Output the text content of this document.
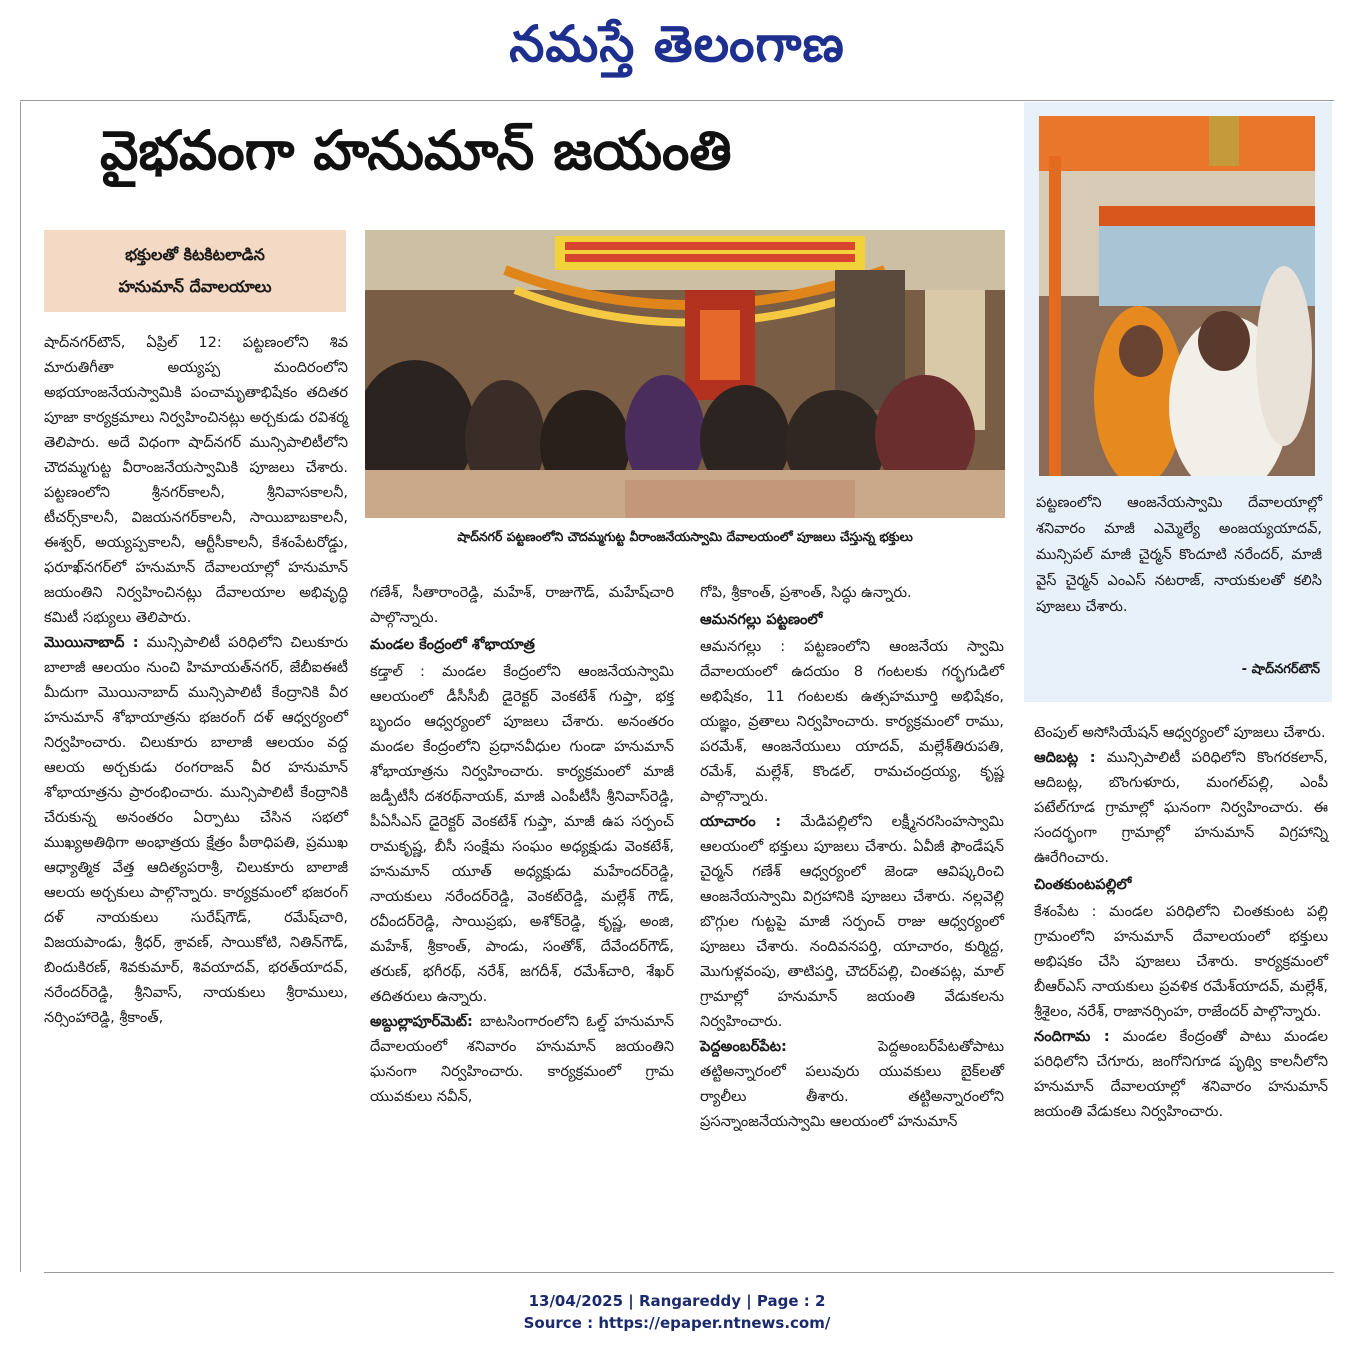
నమస్తే తెలంగాణ
వైభవంగా హనుమాన్ జయంతి
భక్తులతో కిటకిటలాడిన
హనుమాన్ దేవాలయాలు
షాద్‌నగర్ పట్టణంలోని చౌదమ్మగుట్ట వీరాంజనేయస్వామి దేవాలయంలో పూజలు చేస్తున్న భక్తులు
పట్టణంలోని ఆంజనేయస్వామి దేవాలయాల్లో శనివారం మాజీ ఎమ్మెల్యే అంజయ్యయాదవ్, మున్సిపల్ మాజీ చైర్మన్ కొందూటి నరేందర్, మాజీ వైస్ చైర్మన్ ఎంఎస్ నటరాజ్, నాయకులతో కలిసి పూజలు చేశారు.
- షాద్‌నగర్‌టౌన్

షాద్‌నగర్‌టౌన్, ఏప్రిల్ 12: పట్టణంలోని శివ మారుతిగీతా అయ్యప్ప మందిరంలోని అభయాంజనేయస్వామికి పంచామృతాభిషేకం తదితర పూజా కార్యక్రమాలు నిర్వహించినట్లు అర్చకుడు రవిశర్మ తెలిపారు. అదే విధంగా షాద్‌నగర్ మున్సిపాలిటీలోని చౌదమ్మగుట్ట వీరాంజనేయస్వామికి పూజలు చేశారు. పట్టణంలోని శ్రీనగర్‌కాలనీ, శ్రీనివాసకాలనీ, టీచర్స్‌కాలనీ, విజయనగర్‌కాలనీ, సాయిబాబకాలనీ, ఈశ్వర్, అయ్యప్పకాలనీ, ఆర్టీసీకాలనీ, కేశంపేటరోడ్డు, ఫరూఖ్‌నగర్‌లో హనుమాన్ దేవాలయాల్లో హనుమాన్ జయంతిని నిర్వహించినట్లు దేవాలయాల అభివృద్ధి కమిటీ సభ్యులు తెలిపారు.

మొయినాబాద్ : మున్సిపాలిటీ పరిధిలోని చిలుకూరు బాలాజీ ఆలయం నుంచి హిమాయత్‌నగర్, జేబీఐఈటీ మీదుగా మొయినాబాద్ మున్సిపాలిటీ కేంద్రానికి వీర హనుమాన్ శోభాయాత్రను భజరంగ్ దళ్ ఆధ్వర్యంలో నిర్వహించారు. చిలుకూరు బాలాజీ ఆలయం వద్ద ఆలయ అర్చకుడు రంగరాజన్ వీర హనుమాన్ శోభాయాత్రను ప్రారంభించారు. మున్సిపాలిటీ కేంద్రానికి చేరుకున్న అనంతరం ఏర్పాటు చేసిన సభలో ముఖ్యఅతిథిగా అంభాత్రయ క్షేత్రం పీఠాధిపతి, ప్రముఖ ఆధ్యాత్మిక వేత్త ఆదిత్యపరాశ్రీ, చిలుకూరు బాలాజీ ఆలయ అర్చకులు పాల్గొన్నారు. కార్యక్రమంలో భజరంగ్ దళ్ నాయకులు సురేష్‌గౌడ్, రమేష్‌చారి, విజయపాండు, శ్రీధర్, శ్రావణ్, సాయికోటి, నితిన్‌గౌడ్, బిందుకిరణ్, శివకుమార్, శివయాదవ్, భరత్‌యాదవ్, నరేందర్‌రెడ్డి, శ్రీనివాస్, నాయకులు శ్రీరాములు, నర్సింహారెడ్డి, శ్రీకాంత్,

గణేశ్, సీతారాంరెడ్డి, మహేశ్, రాజుగౌడ్, మహేష్‌చారి పాల్గొన్నారు.

మండల కేంద్రంలో శోభాయాత్ర

కడ్తాల్ : మండల కేంద్రంలోని ఆంజనేయస్వామి ఆలయంలో డీసీసీబీ డైరెక్టర్ వెంకటేశ్ గుప్తా, భక్త బృందం ఆధ్వర్యంలో పూజలు చేశారు. అనంతరం మండల కేంద్రంలోని ప్రధానవీధుల గుండా హనుమాన్ శోభాయాత్రను నిర్వహించారు. కార్యక్రమంలో మాజీ జడ్పీటీసీ దశరథ్‌నాయక్, మాజీ ఎంపీటీసీ శ్రీనివాస్‌రెడ్డి, పీఏసీఎస్ డైరెక్టర్ వెంకటేశ్ గుప్తా, మాజీ ఉప సర్పంచ్ రామకృష్ణ, బీసీ సంక్షేమ సంఘం అధ్యక్షుడు వెంకటేశ్, హనుమాన్ యూత్ అధ్యక్షుడు మహేందర్‌రెడ్డి, నాయకులు నరేందర్‌రెడ్డి, వెంకట్‌రెడ్డి, మల్లేశ్ గౌడ్, రవీందర్‌రెడ్డి, సాయిప్రభు, అశోక్‌రెడ్డి, కృష్ణ, అంజి, మహేశ్, శ్రీకాంత్, పాండు, సంతోశ్, దేవేందర్‌గౌడ్, తరుణ్, భగీరథ్, నరేశ్, జగదీశ్, రమేశ్‌చారి, శేఖర్ తదితరులు ఉన్నారు.

అబ్దుల్లాపూర్‌మెట్: బాటసింగారంలోని ఓల్డ్ హనుమాన్ దేవాలయంలో శనివారం హనుమాన్ జయంతిని ఘనంగా నిర్వహించారు. కార్యక్రమంలో గ్రామ యువకులు నవీన్,

గోపి, శ్రీకాంత్, ప్రశాంత్, సిద్ధు ఉన్నారు.

ఆమనగల్లు పట్టణంలో

ఆమనగల్లు : పట్టణంలోని ఆంజనేయ స్వామి దేవాలయంలో ఉదయం 8 గంటలకు గర్భగుడిలో అభిషేకం, 11 గంటలకు ఉత్సహమూర్తి అభిషేకం, యజ్ఞం, వ్రతాలు నిర్వహించారు. కార్యక్రమంలో రాము, పరమేశ్, ఆంజనేయులు యాదవ్, మల్లేశ్‌తిరుపతి, రమేశ్, మల్లేశ్, కొండల్, రామచంద్రయ్య, కృష్ణ పాల్గొన్నారు.

యాచారం : మేడిపల్లిలోని లక్ష్మీనరసింహస్వామి ఆలయంలో భక్తులు పూజలు చేశారు. ఏవీజీ ఫౌండేషన్ చైర్మన్ గణేశ్ ఆధ్వర్యంలో జెండా ఆవిష్కరించి ఆంజనేయస్వామి విగ్రహానికి పూజలు చేశారు. నల్లవెల్లి బొగ్గుల గుట్టపై మాజీ సర్పంచ్ రాజు ఆధ్వర్యంలో పూజలు చేశారు. నందివనపర్తి, యాచారం, కుర్మిద్ద, మొగుళ్లవంపు, తాటిపర్తి, చౌదర్‌పల్లి, చింతపట్ల, మాల్ గ్రామాల్లో హనుమాన్ జయంతి వేడుకలను నిర్వహించారు.

పెద్దఅంబర్‌పేట: పెద్దఅంబర్‌పేటతోపాటు తట్టిఅన్నారంలో పలువురు యువకులు బైక్‌లతో ర్యాలీలు తీశారు. తట్టిఅన్నారంలోని ప్రసన్నాంజనేయస్వామి ఆలయంలో హనుమాన్

టెంపుల్ అసోసియేషన్ ఆధ్వర్యంలో పూజలు చేశారు.

ఆదిబట్ల : మున్సిపాలిటీ పరిధిలోని కొంగరకలాన్, ఆదిబట్ల, బొంగుళూరు, మంగల్‌పల్లి, ఎంపీ పటేల్‌గూడ గ్రామాల్లో ఘనంగా నిర్వహించారు. ఈ సందర్భంగా గ్రామాల్లో హనుమాన్ విగ్రహాన్ని ఊరేగించారు.

చింతకుంటపల్లిలో

కేశంపేట : మండల పరిధిలోని చింతకుంట పల్లి గ్రామంలోని హనుమాన్ దేవాలయంలో భక్తులు అభిషకం చేసి పూజలు చేశారు. కార్యక్రమంలో బీఆర్‌ఎస్ నాయకులు ప్రవళిక రమేశ్‌యాదవ్, మల్లేశ్, శ్రీశైలం, నరేశ్, రాజానర్సింహ, రాజేందర్ పాల్గొన్నారు.

నందిగామ : మండల కేంద్రంతో పాటు మండల పరిధిలోని చేగూరు, జంగోనిగూడ పృథ్వి కాలనీలోని హనుమాన్ దేవాలయాల్లో శనివారం హనుమాన్ జయంతి వేడుకలు నిర్వహించారు.

13/04/2025 | Rangareddy | Page : 2
Source : https://epaper.ntnews.com/
